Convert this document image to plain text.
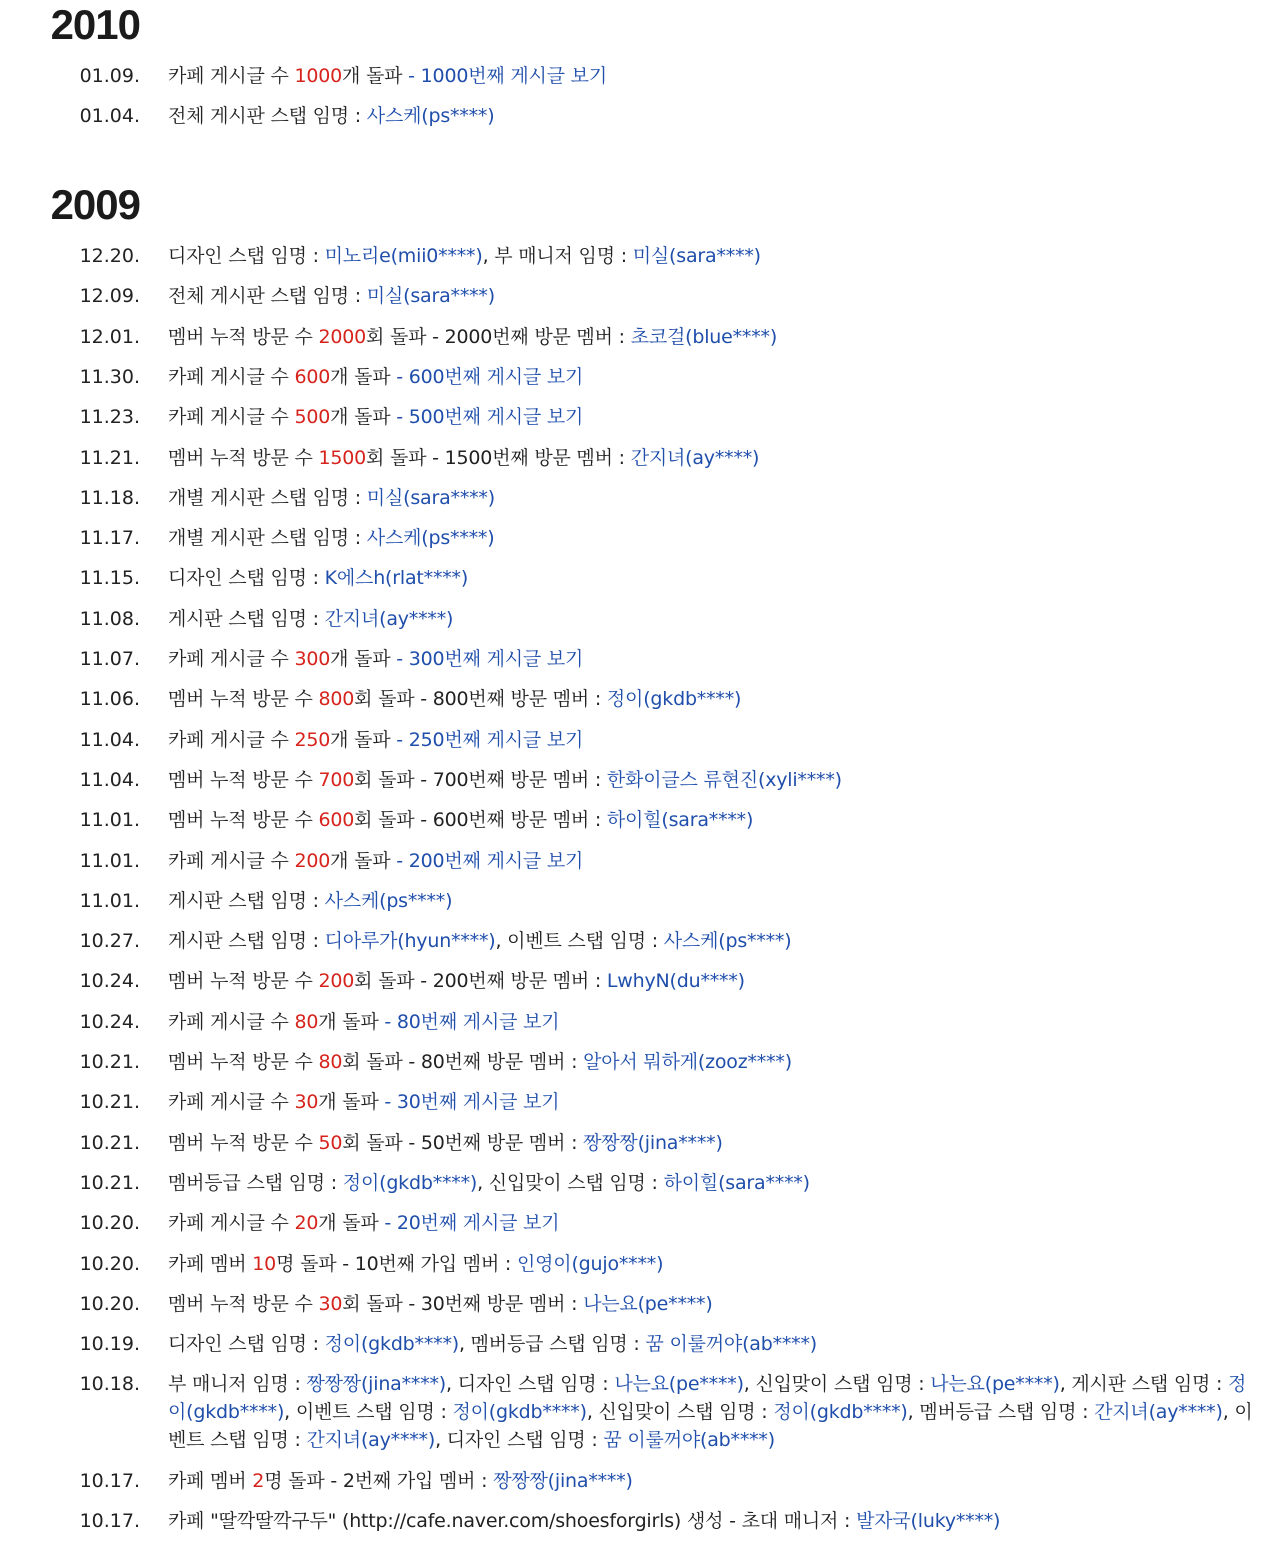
2010
01.09. 카페 게시글 수 1000개 돌파 - 1000번째 게시글 보기
01.04. 전체 게시판 스탭 임명 : 사스케(ps****)
2009
12.20. 디자인 스탭 임명 : 미노리e(mii0****), 부 매니저 임명 : 미실(sara****)
12.09. 전체 게시판 스탭 임명 : 미실(sara****)
12.01. 멤버 누적 방문 수 2000회 돌파 - 2000번째 방문 멤버 : 초코걸(blue****)
11.30. 카페 게시글 수 600개 돌파 - 600번째 게시글 보기
11.23. 카페 게시글 수 500개 돌파 - 500번째 게시글 보기
11.21. 멤버 누적 방문 수 1500회 돌파 - 1500번째 방문 멤버 : 간지녀(ay****)
11.18. 개별 게시판 스탭 임명 : 미실(sara****)
11.17. 개별 게시판 스탭 임명 : 사스케(ps****)
11.15. 디자인 스탭 임명 : K에스h(rlat****)
11.08. 게시판 스탭 임명 : 간지녀(ay****)
11.07. 카페 게시글 수 300개 돌파 - 300번째 게시글 보기
11.06. 멤버 누적 방문 수 800회 돌파 - 800번째 방문 멤버 : 정이(gkdb****)
11.04. 카페 게시글 수 250개 돌파 - 250번째 게시글 보기
11.04. 멤버 누적 방문 수 700회 돌파 - 700번째 방문 멤버 : 한화이글스 류현진(xyli****)
11.01. 멤버 누적 방문 수 600회 돌파 - 600번째 방문 멤버 : 하이힐(sara****)
11.01. 카페 게시글 수 200개 돌파 - 200번째 게시글 보기
11.01. 게시판 스탭 임명 : 사스케(ps****)
10.27. 게시판 스탭 임명 : 디아루가(hyun****), 이벤트 스탭 임명 : 사스케(ps****)
10.24. 멤버 누적 방문 수 200회 돌파 - 200번째 방문 멤버 : LwhyN(du****)
10.24. 카페 게시글 수 80개 돌파 - 80번째 게시글 보기
10.21. 멤버 누적 방문 수 80회 돌파 - 80번째 방문 멤버 : 알아서 뭐하게(zooz****)
10.21. 카페 게시글 수 30개 돌파 - 30번째 게시글 보기
10.21. 멤버 누적 방문 수 50회 돌파 - 50번째 방문 멤버 : 짱짱짱(jina****)
10.21. 멤버등급 스탭 임명 : 정이(gkdb****), 신입맞이 스탭 임명 : 하이힐(sara****)
10.20. 카페 게시글 수 20개 돌파 - 20번째 게시글 보기
10.20. 카페 멤버 10명 돌파 - 10번째 가입 멤버 : 인영이(gujo****)
10.20. 멤버 누적 방문 수 30회 돌파 - 30번째 방문 멤버 : 나는요(pe****)
10.19. 디자인 스탭 임명 : 정이(gkdb****), 멤버등급 스탭 임명 : 꿈 이룰꺼야(ab****)
10.18. 부 매니저 임명 : 짱짱짱(jina****), 디자인 스탭 임명 : 나는요(pe****), 신입맞이 스탭 임명 : 나는요(pe****), 게시판 스탭 임명 : 정이(gkdb****), 이벤트 스탭 임명 : 정이(gkdb****), 신입맞이 스탭 임명 : 정이(gkdb****), 멤버등급 스탭 임명 : 간지녀(ay****), 이벤트 스탭 임명 : 간지녀(ay****), 디자인 스탭 임명 : 꿈 이룰꺼야(ab****)
10.17. 카페 멤버 2명 돌파 - 2번째 가입 멤버 : 짱짱짱(jina****)
10.17. 카페 "딸깍딸깍구두" (http://cafe.naver.com/shoesforgirls) 생성 - 초대 매니저 : 발자국(luky****)
